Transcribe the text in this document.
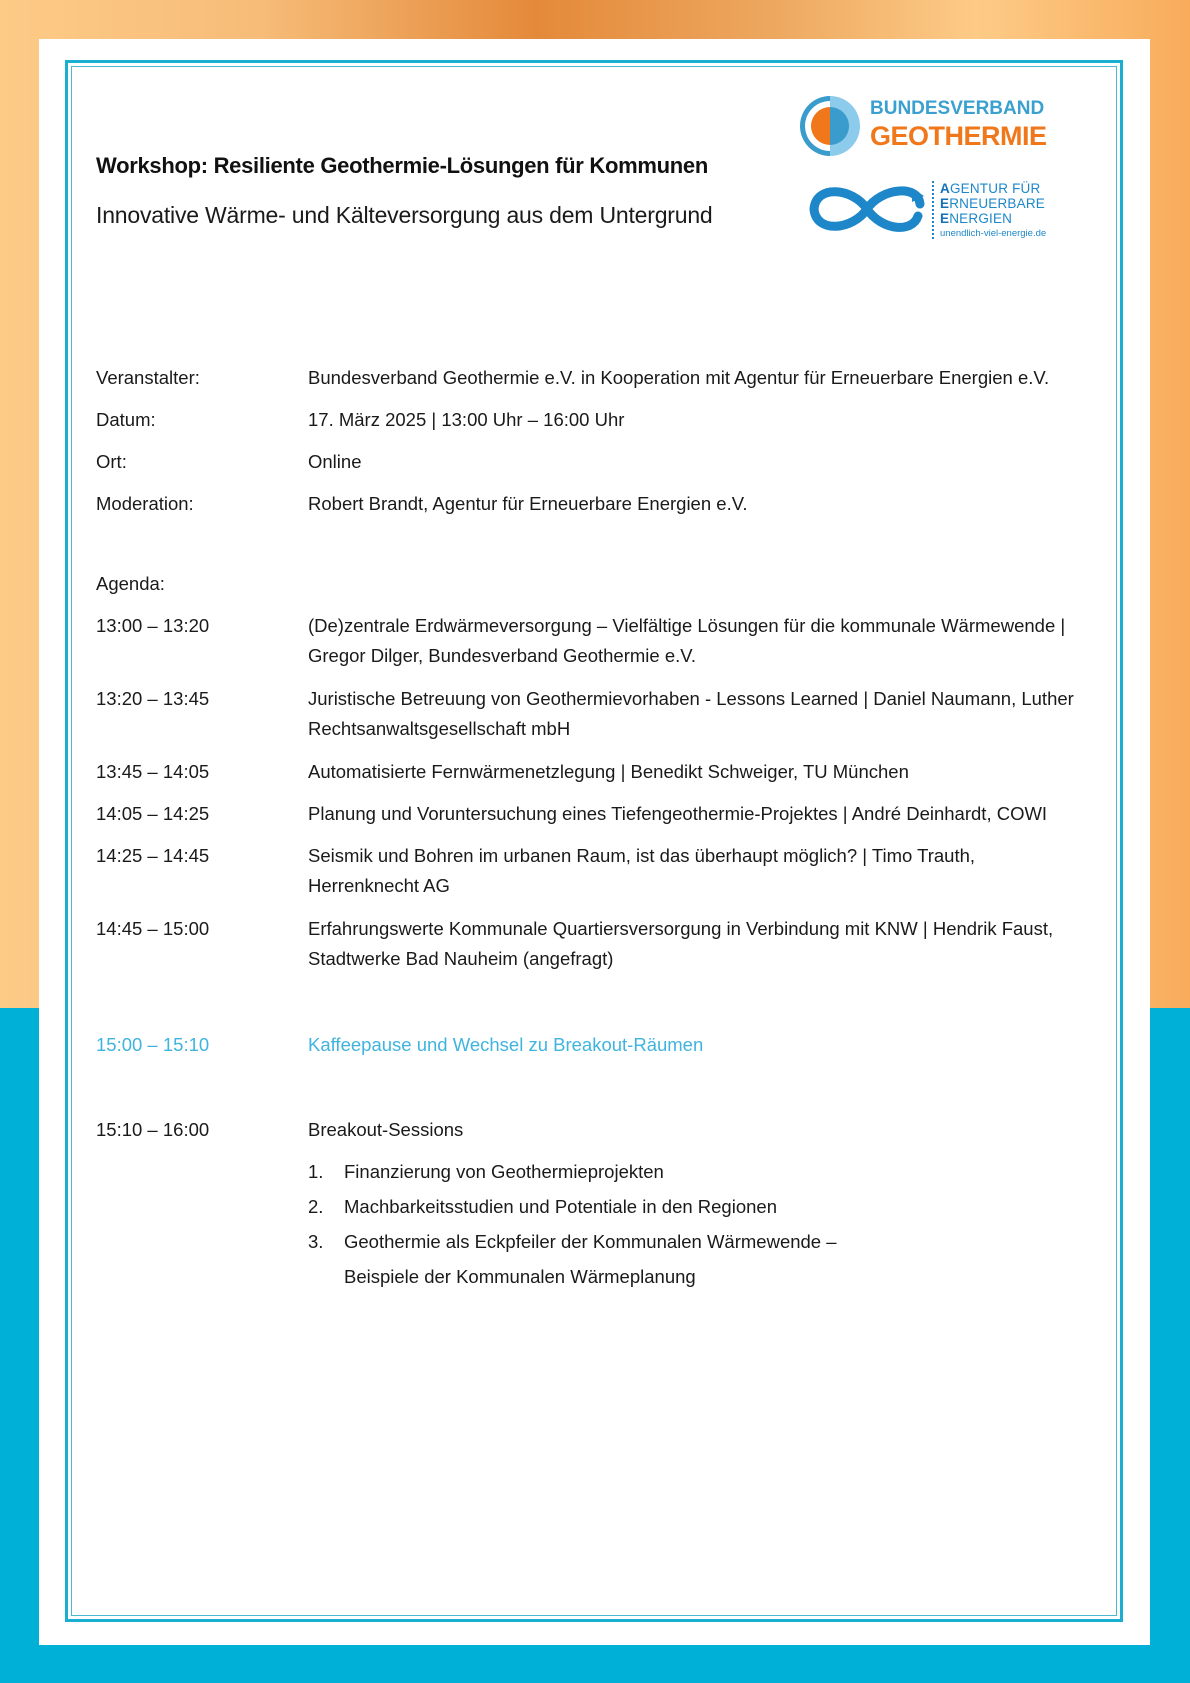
BUNDESVERBAND
GEOTHERMIE
AGENTUR FÜR
ERNEUERBARE
ENERGIEN
unendlich-viel-energie.de
Workshop: Resiliente Geothermie-Lösungen für Kommunen
Innovative Wärme- und Kälteversorgung aus dem Untergrund
Veranstalter:	Bundesverband Geothermie e.V. in Kooperation mit Agentur für Erneuerbare Energien e.V.
Datum:	17. März 2025 | 13:00 Uhr – 16:00 Uhr
Ort:	Online
Moderation:	Robert Brandt, Agentur für Erneuerbare Energien e.V.
Agenda:
13:00 – 13:20	(De)zentrale Erdwärmeversorgung – Vielfältige Lösungen für die kommunale Wärmewende |
Gregor Dilger, Bundesverband Geothermie e.V.
13:20 – 13:45	Juristische Betreuung von Geothermievorhaben - Lessons Learned | Daniel Naumann, Luther
Rechtsanwaltsgesellschaft mbH
13:45 – 14:05	Automatisierte Fernwärmenetzlegung | Benedikt Schweiger, TU München
14:05 – 14:25	Planung und Voruntersuchung eines Tiefengeothermie-Projektes | André Deinhardt, COWI
14:25 – 14:45	Seismik und Bohren im urbanen Raum, ist das überhaupt möglich? | Timo Trauth,
Herrenknecht AG
14:45 – 15:00	Erfahrungswerte Kommunale Quartiersversorgung in Verbindung mit KNW | Hendrik Faust,
Stadtwerke Bad Nauheim (angefragt)
15:00 – 15:10	Kaffeepause und Wechsel zu Breakout-Räumen
15:10 – 16:00	Breakout-Sessions
1. Finanzierung von Geothermieprojekten
2. Machbarkeitsstudien und Potentiale in den Regionen
3. Geothermie als Eckpfeiler der Kommunalen Wärmewende –
Beispiele der Kommunalen Wärmeplanung
